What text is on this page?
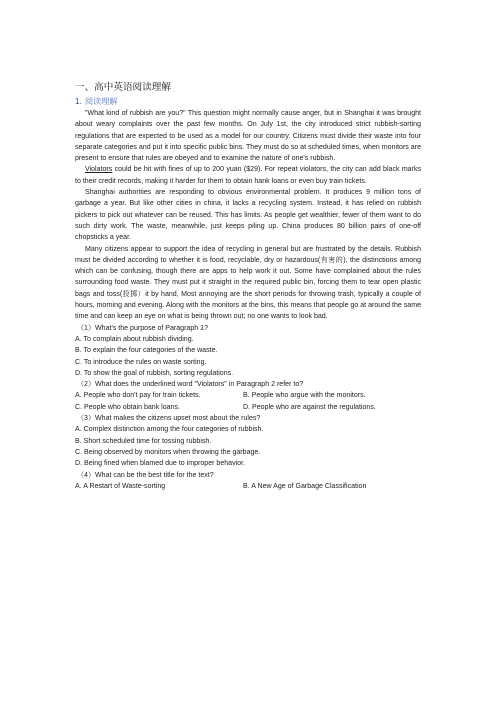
一、高中英语阅读理解
1. 阅读理解

"What kind of rubbish are you?" This question might normally cause anger, but in Shanghai it was brought about weary complaints over the past few months. On July 1st, the city introduced strict rubbish-sorting regulations that are expected to be used as a model for our country. Citizens must divide their waste into four separate categories and put it into specific public bins. They must do so at scheduled times, when monitors are present to ensure that rules are obeyed and to examine the nature of one's rubbish.

Violators could be hit with fines of up to 200 yuan ($29). For repeat violators, the city can add black marks to their credit records, making it harder for them to obtain hank loans or even buy train tickets.

Shanghai authorities are responding to obvious environmental problem. It produces 9 million tons of garbage a year. But like other cities in china, it lacks a recycling system. Instead, it has relied on rubbish pickers to pick out whatever can be reused. This has limits. As people get wealthier, fewer of them want to do such dirty work. The waste, meanwhile, just keeps piling up. China produces 80 billion pairs of one-off chopsticks a year.

Many citizens appear to support the idea of recycling in general but are frustrated by the details. Rubbish must be divided according to whether it is food, recyclable, dry or hazardous(有害的), the distinctions among which can be confusing, though there are apps to help work it out. Some have complained about the rules surrounding food waste. They must put it straight in the required public bin, forcing them to tear open plastic bags and toss(投掷）it by hand, Most annoying are the short periods for throwing trash, typically a couple of hours, morning and evening. Along with the monitors at the bins, this means that people go at around the same time and can keep an eye on what is being thrown out; no one wants to look bad.

（1）What's the purpose of Paragraph 1?
A. To complain about rubbish dividing.
B. To explain the four categories of the waste.
C. To introduce the rules on waste sorting.
D. To show the goal of rubbish, sorting regulations.
（2）What does the underlined word "Violators" in Paragraph 2 refer to?
A. People who don't pay for train tickets.	B. People who argue with the monitors.
C. People who obtain bank loans.	D. People who are against the regulations.
（3）What makes the citizens upset most about the rules?
A. Complex distinction among the four categories of rubbish.
B. Short scheduled time for tossing rubbish.
C. Being observed by monitors when throwing the garbage.
D. Being fined when blamed due to improper behavior.
（4）What can be the best title for the text?
A. A Restart of Waste-sorting	B. A New Age of Garbage Classification
